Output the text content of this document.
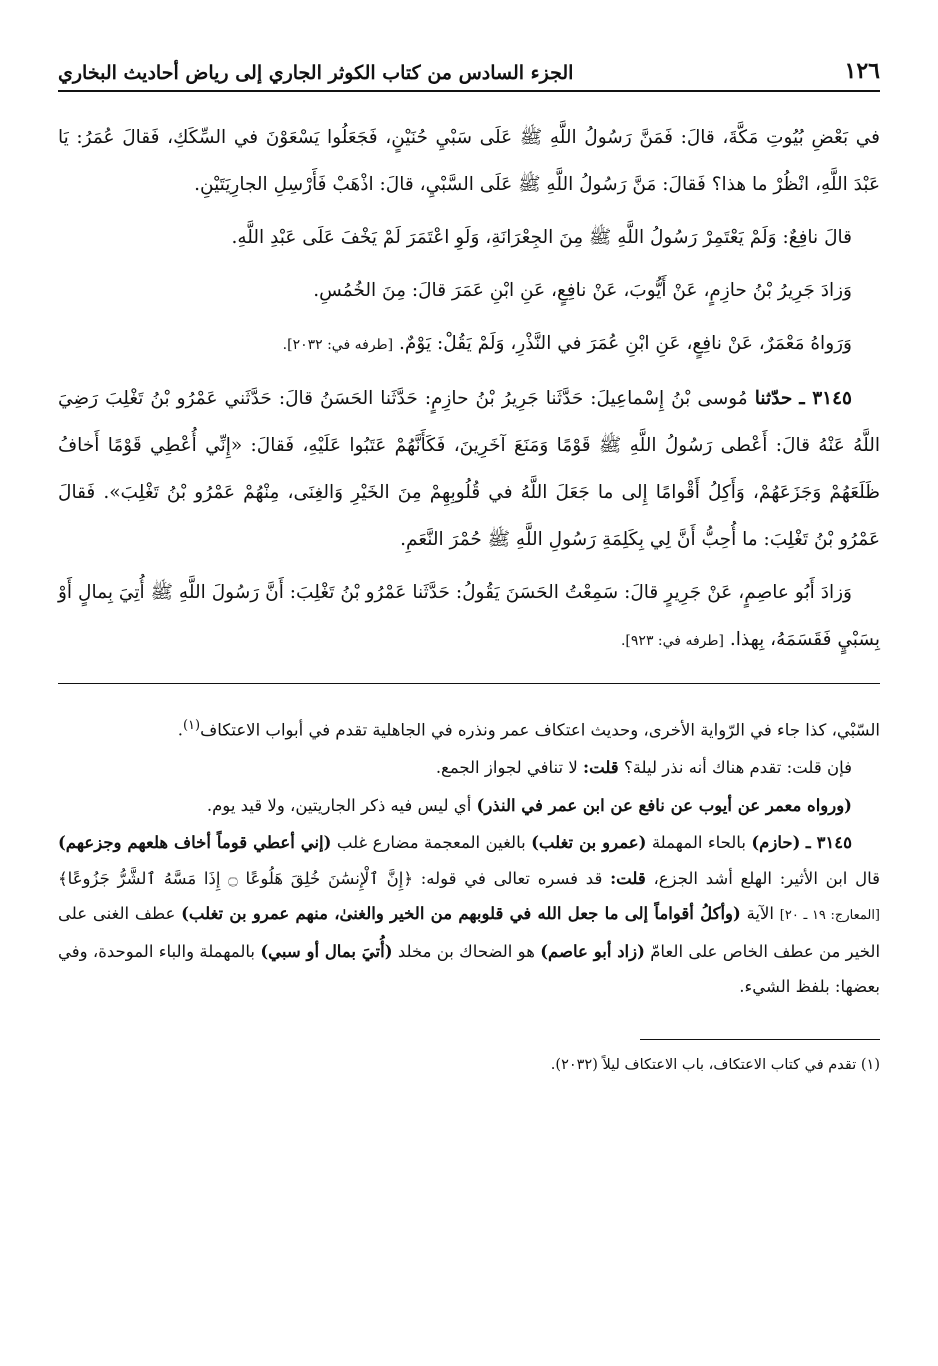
١٢٦
الجزء السادس من كتاب الكوثر الجاري إلى رياض أحاديث البخاري

في بَعْضِ بُيُوتِ مَكَّةَ، قالَ: فَمَنَّ رَسُولُ اللَّهِ ﷺ عَلَى سَبْيِ حُنَيْنٍ، فَجَعَلُوا يَسْعَوْنَ في السِّكَكِ، فَقالَ عُمَرُ: يَا عَبْدَ اللَّهِ، انْظُرْ ما هذا؟ فَقالَ: مَنَّ رَسُولُ اللَّهِ ﷺ عَلَى السَّبْيِ، قالَ: اذْهَبْ فَأَرْسِلِ الجارِيَتَيْنِ.

قالَ نافِعٌ: وَلَمْ يَعْتَمِرْ رَسُولُ اللَّهِ ﷺ مِنَ الجِعْرَانَةِ، وَلَوِ اعْتَمَرَ لَمْ يَخْفَ عَلَى عَبْدِ اللَّهِ.

وَزادَ جَرِيرُ بْنُ حازِمٍ، عَنْ أَيُّوبَ، عَنْ نافِعٍ، عَنِ ابْنِ عَمَرَ قالَ: مِنَ الخُمُسِ.

وَرَواهُ مَعْمَرٌ، عَنْ نافِعٍ، عَنِ ابْنِ عُمَرَ في النَّذْرِ، وَلَمْ يَقُلْ: يَوْمٌ. [طرفه في: ٢٠٣٢].

٣١٤٥ ـ حدّثنا مُوسى بْنُ إِسْماعِيلَ: حَدَّثَنا جَرِيرُ بْنُ حازِمٍ: حَدَّثَنا الحَسَنُ قالَ: حَدَّثَني عَمْرُو بْنُ تَغْلِبَ رَضِيَ اللَّهُ عَنْهُ قالَ: أَعْطى رَسُولُ اللَّهِ ﷺ قَوْمًا وَمَنَعَ آخَرِينَ، فَكَأَنَّهُمْ عَتَبُوا عَلَيْهِ، فَقالَ: «إِنِّي أُعْطِي قَوْمًا أَخافُ ظَلَعَهُمْ وَجَزَعَهُمْ، وَأَكِلُ أَقْوامًا إِلى ما جَعَلَ اللَّهُ في قُلُوبِهِمْ مِنَ الخَيْرِ وَالغِنَى، مِنْهُمْ عَمْرُو بْنُ تَغْلِبَ». فَقالَ عَمْرُو بْنُ تَغْلِبَ: ما أُحِبُّ أَنَّ لِي بِكَلِمَةِ رَسُولِ اللَّهِ ﷺ حُمْرَ النَّعَمِ.

وَزادَ أَبُو عاصِمٍ، عَنْ جَرِيرٍ قالَ: سَمِعْتُ الحَسَنَ يَقُولُ: حَدَّثَنا عَمْرُو بْنُ تَغْلِبَ: أَنَّ رَسُولَ اللَّهِ ﷺ أُتِيَ بِمالٍ أَوْ بِسَبْيٍ فَقَسَمَهُ، بِهذا. [طرفه في: ٩٢٣].

السّبْي، كذا جاء في الرّواية الأخرى، وحديث اعتكاف عمر ونذره في الجاهلية تقدم في أبواب الاعتكاف$^{(١)}$.

فإن قلت: تقدم هناك أنه نذر ليلة؟ قلت: لا تنافي لجواز الجمع.

(ورواه معمر عن أيوب عن نافع عن ابن عمر في النذر) أي ليس فيه ذكر الجاريتين، ولا قيد يوم.

٣١٤٥ ـ (حازم) بالحاء المهملة (عمرو بن تغلب) بالغين المعجمة مضارع غلب (إني أعطي قوماً أخاف هلعهم وجزعهم) قال ابن الأثير: الهلع أشد الجزع، قلت: قد فسره تعالى في قوله: ﴿إِنَّ ٱلْإِنسَٰنَ خُلِقَ هَلُوعًا ۝ إِذَا مَسَّهُ ٱلشَّرُّ جَزُوعًا﴾ [المعارج: ١٩ ـ ٢٠] الآية (وأكلُ أقواماً إلى ما جعل الله في قلوبهم من الخير والغنىٰ، منهم عمرو بن تغلب) عطف الغنى على الخير من عطف الخاص على العامّ (زاد أبو عاصم) هو الضحاك بن مخلد (أُتيَ بمال أو سبي) بالمهملة والباء الموحدة، وفي بعضها: بلفظ الشيء.

(١) تقدم في كتاب الاعتكاف، باب الاعتكاف ليلاً (٢٠٣٢).
